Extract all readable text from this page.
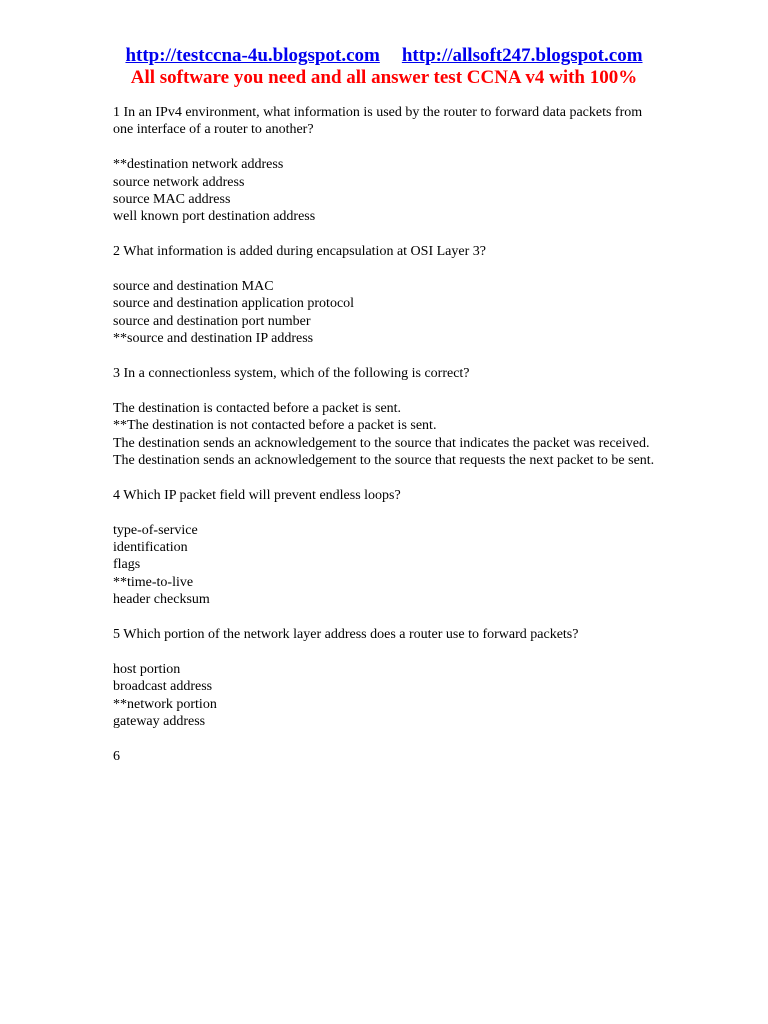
http://testccna-4u.blogspot.com http://allsoft247.blogspot.com
All software you need and all answer test CCNA v4 with 100%
1 In an IPv4 environment, what information is used by the router to forward data packets from one interface of a router to another?
**destination network address
source network address
source MAC address
well known port destination address
2 What information is added during encapsulation at OSI Layer 3?
source and destination MAC
source and destination application protocol
source and destination port number
**source and destination IP address
3 In a connectionless system, which of the following is correct?
The destination is contacted before a packet is sent.
**The destination is not contacted before a packet is sent.
The destination sends an acknowledgement to the source that indicates the packet was received.
The destination sends an acknowledgement to the source that requests the next packet to be sent.
4 Which IP packet field will prevent endless loops?
type-of-service
identification
flags
**time-to-live
header checksum
5 Which portion of the network layer address does a router use to forward packets?
host portion
broadcast address
**network portion
gateway address
6
